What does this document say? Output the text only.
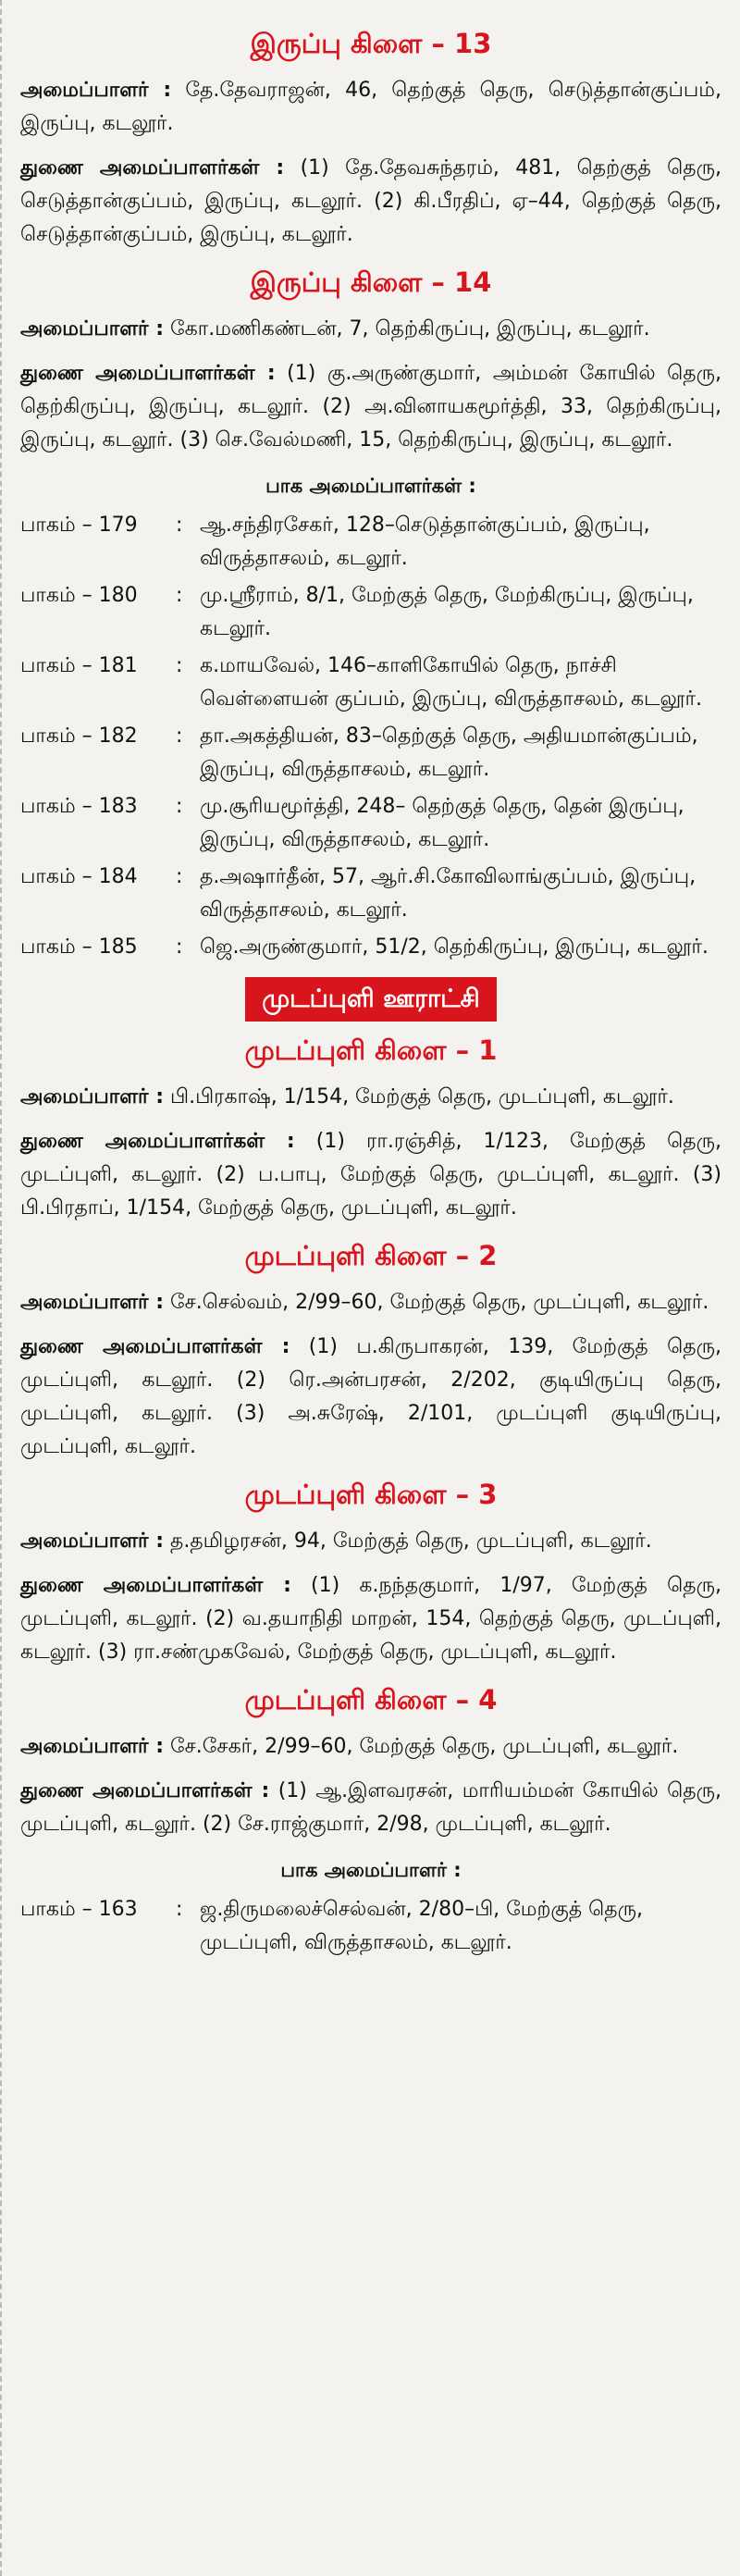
இருப்பு கிளை – 13

அமைப்பாளர் : தே.தேவராஜன், 46, தெற்குத் தெரு, செடுத்தான்குப்பம், இருப்பு, கடலூர்.

துணை அமைப்பாளர்கள் : (1) தே.தேவசுந்தரம், 481, தெற்குத் தெரு, செடுத்தான்குப்பம், இருப்பு, கடலூர். (2) கி.பீரதிப், ஏ–44, தெற்குத் தெரு, செடுத்தான்குப்பம், இருப்பு, கடலூர்.

இருப்பு கிளை – 14

அமைப்பாளர் : கோ.மணிகண்டன், 7, தெற்கிருப்பு, இருப்பு, கடலூர்.

துணை அமைப்பாளர்கள் : (1) கு.அருண்குமார், அம்மன் கோயில் தெரு, தெற்கிருப்பு, இருப்பு, கடலூர். (2) அ.வினாயகமூர்த்தி, 33, தெற்கிருப்பு, இருப்பு, கடலூர். (3) செ.வேல்மணி, 15, தெற்கிருப்பு, இருப்பு, கடலூர்.

பாக அமைப்பாளர்கள் :
பாகம் – 179	: ஆ.சந்திரசேகர், 128–செடுத்தான்குப்பம், இருப்பு, விருத்தாசலம், கடலூர்.
பாகம் – 180	: மு.ஸ்ரீராம், 8/1, மேற்குத் தெரு, மேற்கிருப்பு, இருப்பு, கடலூர்.
பாகம் – 181	: க.மாயவேல், 146–காளிகோயில் தெரு, நாச்சி வெள்ளையன் குப்பம், இருப்பு, விருத்தாசலம், கடலூர்.
பாகம் – 182	: தா.அகத்தியன், 83–தெற்குத் தெரு, அதியமான்குப்பம், இருப்பு, விருத்தாசலம், கடலூர்.
பாகம் – 183	: மு.சூரியமூர்த்தி, 248– தெற்குத் தெரு, தென் இருப்பு, இருப்பு, விருத்தாசலம், கடலூர்.
பாகம் – 184	: த.அஷார்தீன், 57, ஆர்.சி.கோவிலாங்குப்பம், இருப்பு, விருத்தாசலம், கடலூர்.
பாகம் – 185	: ஜெ.அருண்குமார், 51/2, தெற்கிருப்பு, இருப்பு, கடலூர்.
முடப்புளி ஊராட்சி
முடப்புளி கிளை – 1

அமைப்பாளர் : பி.பிரகாஷ், 1/154, மேற்குத் தெரு, முடப்புளி, கடலூர்.

துணை அமைப்பாளர்கள் : (1) ரா.ரஞ்சித், 1/123, மேற்குத் தெரு, முடப்புளி, கடலூர். (2) ப.பாபு, மேற்குத் தெரு, முடப்புளி, கடலூர். (3) பி.பிரதாப், 1/154, மேற்குத் தெரு, முடப்புளி, கடலூர்.

முடப்புளி கிளை – 2

அமைப்பாளர் : சே.செல்வம், 2/99–60, மேற்குத் தெரு, முடப்புளி, கடலூர்.

துணை அமைப்பாளர்கள் : (1) ப.கிருபாகரன், 139, மேற்குத் தெரு, முடப்புளி, கடலூர். (2) ரெ.அன்பரசன், 2/202, குடியிருப்பு தெரு, முடப்புளி, கடலூர். (3) அ.சுரேஷ், 2/101, முடப்புளி குடியிருப்பு, முடப்புளி, கடலூர்.

முடப்புளி கிளை – 3

அமைப்பாளர் : த.தமிழரசன், 94, மேற்குத் தெரு, முடப்புளி, கடலூர்.

துணை அமைப்பாளர்கள் : (1) க.நந்தகுமார், 1/97, மேற்குத் தெரு, முடப்புளி, கடலூர். (2) வ.தயாநிதி மாறன், 154, தெற்குத் தெரு, முடப்புளி, கடலூர். (3) ரா.சண்முகவேல், மேற்குத் தெரு, முடப்புளி, கடலூர்.

முடப்புளி கிளை – 4

அமைப்பாளர் : சே.சேகர், 2/99–60, மேற்குத் தெரு, முடப்புளி, கடலூர்.

துணை அமைப்பாளர்கள் : (1) ஆ.இளவரசன், மாரியம்மன் கோயில் தெரு, முடப்புளி, கடலூர். (2) சே.ராஜ்குமார், 2/98, முடப்புளி, கடலூர்.

பாக அமைப்பாளர் :
பாகம் – 163	: ஜ.திருமலைச்செல்வன், 2/80–பி, மேற்குத் தெரு, முடப்புளி, விருத்தாசலம், கடலூர்.
